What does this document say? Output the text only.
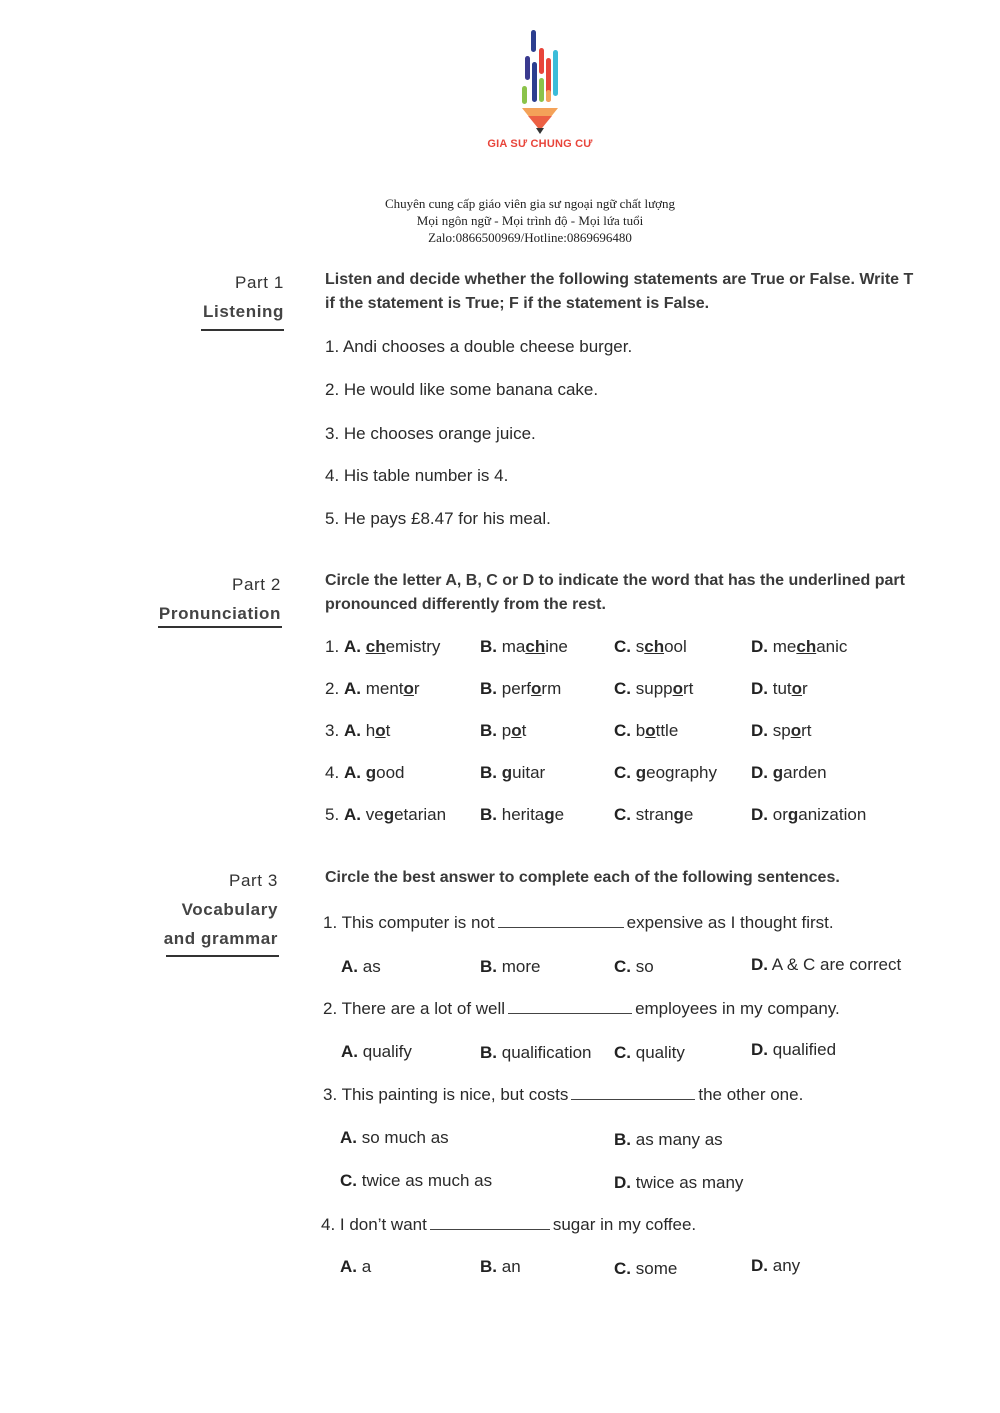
GIA SƯ CHUNG CƯ
Chuyên cung cấp giáo viên gia sư ngoại ngữ chất lượng
Mọi ngôn ngữ - Mọi trình độ - Mọi lứa tuổi
Zalo:0866500969/Hotline:0869696480
Part 1
Listening
Listen and decide whether the following statements are True or False. Write T if the statement is True; F if the statement is False.
1. Andi chooses a double cheese burger.
2. He would like some banana cake.
3. He chooses orange juice.
4. His table number is 4.
5. He pays £8.47 for his meal.
Part 2
Pronunciation
Circle the letter A, B, C or D to indicate the word that has the underlined part pronounced differently from the rest.
1. A. chemistry B. machine	C. school	D. mechanic
2. A. mentor	B. perform	C. support	D. tutor
3. A. hot	B. pot	C. bottle	D. sport
4. A. good	B. guitar	C. geography D. garden
5. A. vegetarian B. heritage	C. strange	D. organization
Part 3
Vocabulary
and grammar
Circle the best answer to complete each of the following sentences.
1. This computer is not	expensive as I thought first.
A. as	B. more	C. so	D. A & C are correct
2. There are a lot of well	employees in my company.
A. qualify	B. qualification C. quality	D. qualified
3. This painting is nice, but costs	the other one.
A. so much as	B. as many as
C. twice as much as	D. twice as many
4. I don’t want	sugar in my coffee.
A. a	B. an	C. some	D. any
